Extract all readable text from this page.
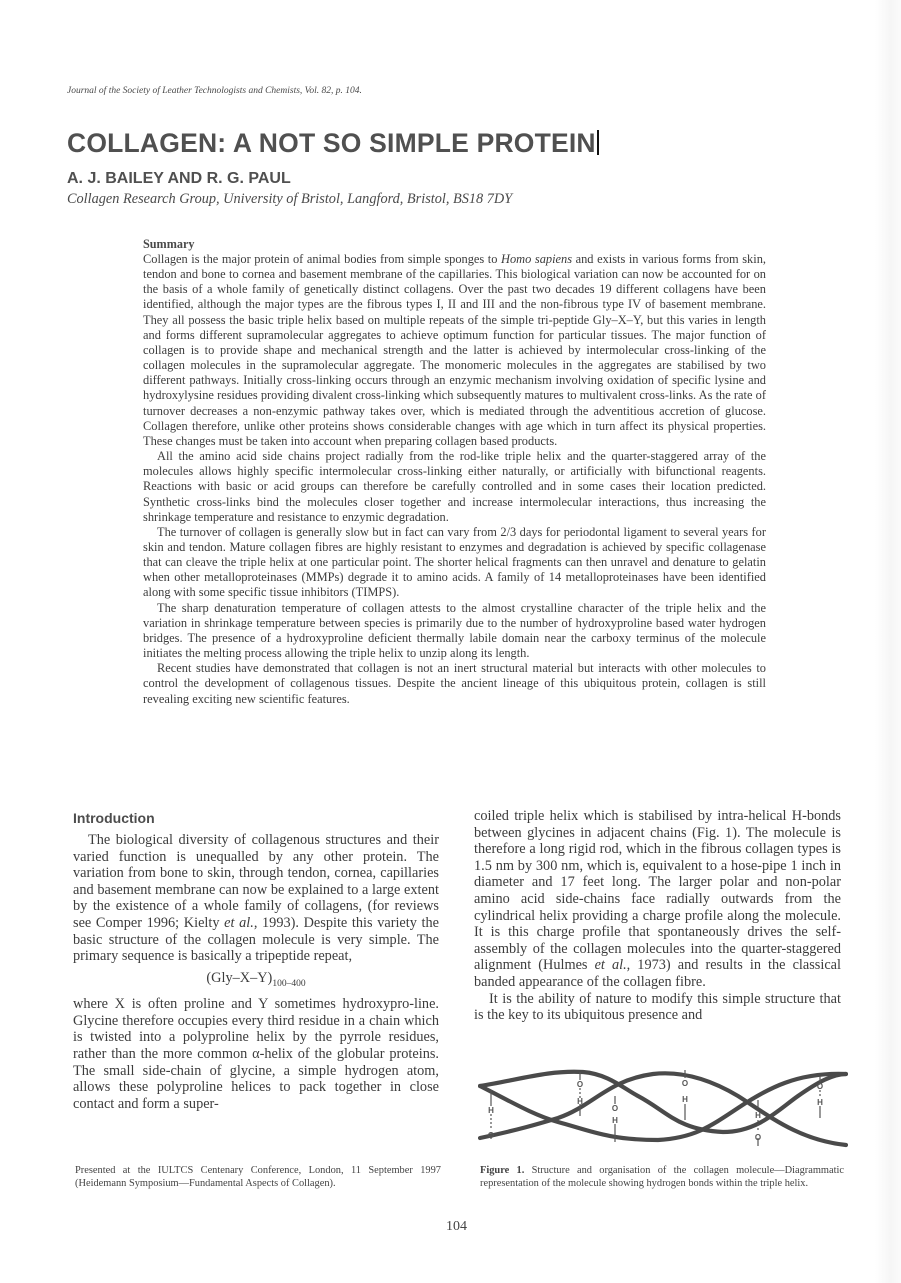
Journal of the Society of Leather Technologists and Chemists, Vol. 82, p. 104.
COLLAGEN: A NOT SO SIMPLE PROTEIN
A. J. BAILEY AND R. G. PAUL
Collagen Research Group, University of Bristol, Langford, Bristol, BS18 7DY
Summary

Collagen is the major protein of animal bodies from simple sponges to Homo sapiens and exists in various forms from skin, tendon and bone to cornea and basement membrane of the capillaries. This biological variation can now be accounted for on the basis of a whole family of genetically distinct collagens. Over the past two decades 19 different collagens have been identified, although the major types are the fibrous types I, II and III and the non-fibrous type IV of basement membrane. They all possess the basic triple helix based on multiple repeats of the simple tri-peptide Gly–X–Y, but this varies in length and forms different supramolecular aggregates to achieve optimum function for particular tissues. The major function of collagen is to provide shape and mechanical strength and the latter is achieved by intermolecular cross-linking of the collagen molecules in the supramolecular aggregate. The monomeric molecules in the aggregates are stabilised by two different pathways. Initially cross-linking occurs through an enzymic mechanism involving oxidation of specific lysine and hydroxylysine residues providing divalent cross-linking which subsequently matures to multivalent cross-links. As the rate of turnover decreases a non-enzymic pathway takes over, which is mediated through the adventitious accretion of glucose. Collagen therefore, unlike other proteins shows considerable changes with age which in turn affect its physical properties. These changes must be taken into account when preparing collagen based products.

All the amino acid side chains project radially from the rod-like triple helix and the quarter-staggered array of the molecules allows highly specific intermolecular cross-linking either naturally, or artificially with bifunctional reagents. Reactions with basic or acid groups can therefore be carefully controlled and in some cases their location predicted. Synthetic cross-links bind the molecules closer together and increase intermolecular interactions, thus increasing the shrinkage temperature and resistance to enzymic degradation.

The turnover of collagen is generally slow but in fact can vary from 2/3 days for periodontal ligament to several years for skin and tendon. Mature collagen fibres are highly resistant to enzymes and degradation is achieved by specific collagenase that can cleave the triple helix at one particular point. The shorter helical fragments can then unravel and denature to gelatin when other metalloproteinases (MMPs) degrade it to amino acids. A family of 14 metalloproteinases have been identified along with some specific tissue inhibitors (TIMPS).

The sharp denaturation temperature of collagen attests to the almost crystalline character of the triple helix and the variation in shrinkage temperature between species is primarily due to the number of hydroxyproline based water hydrogen bridges. The presence of a hydroxyproline deficient thermally labile domain near the carboxy terminus of the molecule initiates the melting process allowing the triple helix to unzip along its length.

Recent studies have demonstrated that collagen is not an inert structural material but interacts with other molecules to control the development of collagenous tissues. Despite the ancient lineage of this ubiquitous protein, collagen is still revealing exciting new scientific features.

Introduction

The biological diversity of collagenous structures and their varied function is unequalled by any other protein. The variation from bone to skin, through tendon, cornea, capillaries and basement membrane can now be explained to a large extent by the existence of a whole family of collagens, (for reviews see Comper 1996; Kielty et al., 1993). Despite this variety the basic structure of the collagen molecule is very simple. The primary sequence is basically a tripeptide repeat,

$(Gly-X-Y)_{100-400}$

where X is often proline and Y sometimes hydroxypro-line. Glycine therefore occupies every third residue in a chain which is twisted into a polyproline helix by the pyrrole residues, rather than the more common α-helix of the globular proteins. The small side-chain of glycine, a simple hydrogen atom, allows these polyproline helices to pack together in close contact and form a super-

coiled triple helix which is stabilised by intra-helical H-bonds between glycines in adjacent chains (Fig. 1). The molecule is therefore a long rigid rod, which in the fibrous collagen types is 1.5 nm by 300 nm, which is, equivalent to a hose-pipe 1 inch in diameter and 17 feet long. The larger polar and non-polar amino acid side-chains face radially outwards from the cylindrical helix providing a charge profile along the molecule. It is this charge profile that spontaneously drives the self-assembly of the collagen molecules into the quarter-staggered alignment (Hulmes et al., 1973) and results in the classical banded appearance of the collagen fibre.

It is the ability of nature to modify this simple structure that is the key to its ubiquitous presence and

H
O
O
H
O
H
O
H
H
O
O
H
Presented at the IULTCS Centenary Conference, London, 11 September 1997 (Heidemann Symposium—Fundamental Aspects of Collagen).
Figure 1. Structure and organisation of the collagen molecule—Diagrammatic representation of the molecule showing hydrogen bonds within the triple helix.
104
